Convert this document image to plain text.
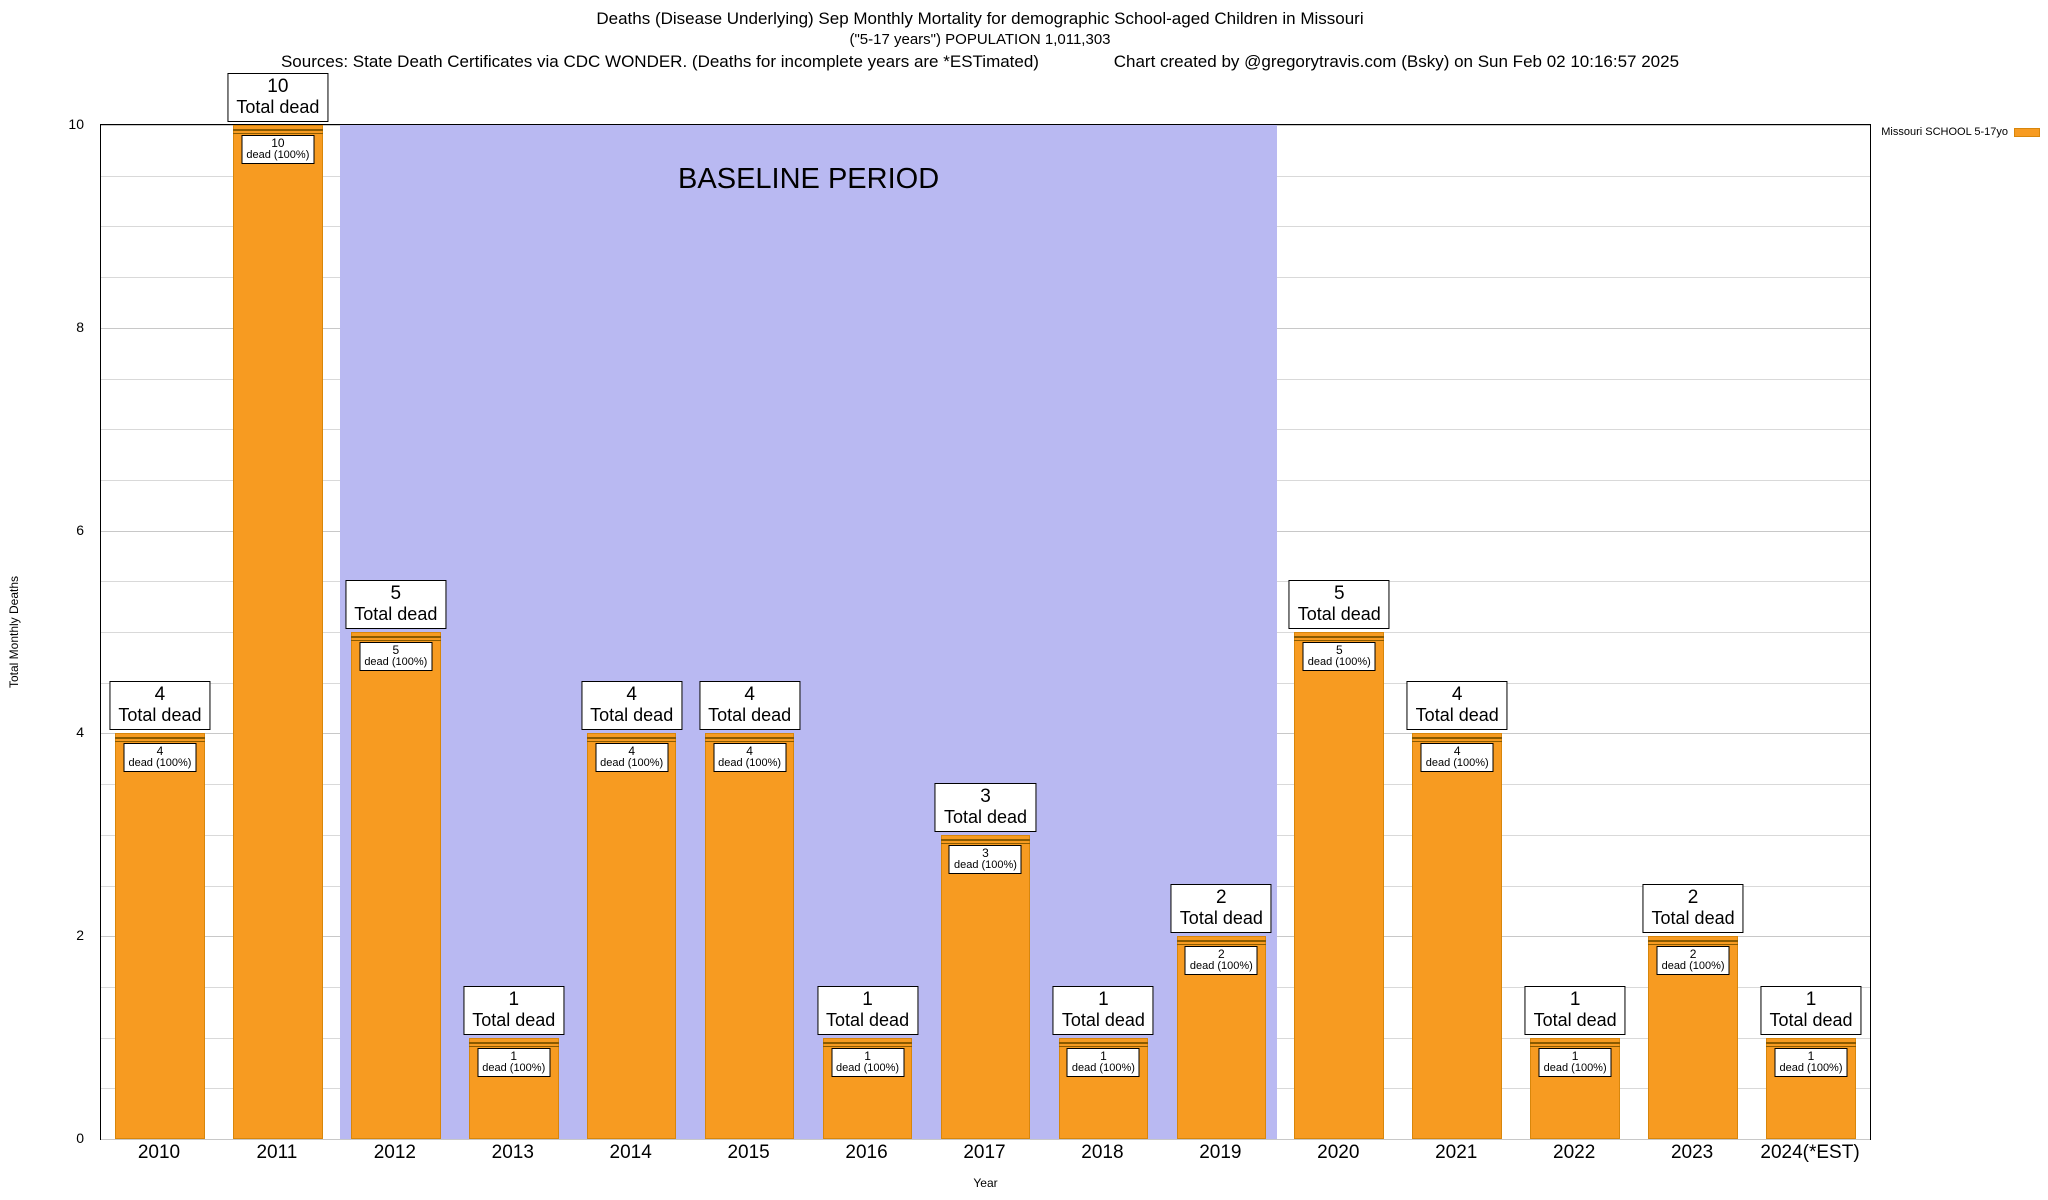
Deaths (Disease Underlying) Sep Monthly Mortality for demographic School-aged Children in Missouri
("5-17 years") POPULATION 1,011,303
Sources: State Death Certificates via CDC WONDER. (Deaths for incomplete years are *ESTimated)	Chart created by @gregorytravis.com (Bsky) on Sun Feb 02 10:16:57 2025
Total Monthly Deaths
0
2
4
6
8
10
BASELINE PERIOD
4
dead (100%)
4
Total dead
10
dead (100%)
10
Total dead
5
dead (100%)
5
Total dead
1
dead (100%)
1
Total dead
4
dead (100%)
4
Total dead
4
dead (100%)
4
Total dead
1
dead (100%)
1
Total dead
3
dead (100%)
3
Total dead
1
dead (100%)
1
Total dead
2
dead (100%)
2
Total dead
5
dead (100%)
5
Total dead
4
dead (100%)
4
Total dead
1
dead (100%)
1
Total dead
2
dead (100%)
2
Total dead
1
dead (100%)
1
Total dead
2010	2011	2012	2013	2014	2015	2016	2017	2018	2019	2020	2021	2022	2023 2024(*EST)
Year
Missouri SCHOOL 5-17yo
